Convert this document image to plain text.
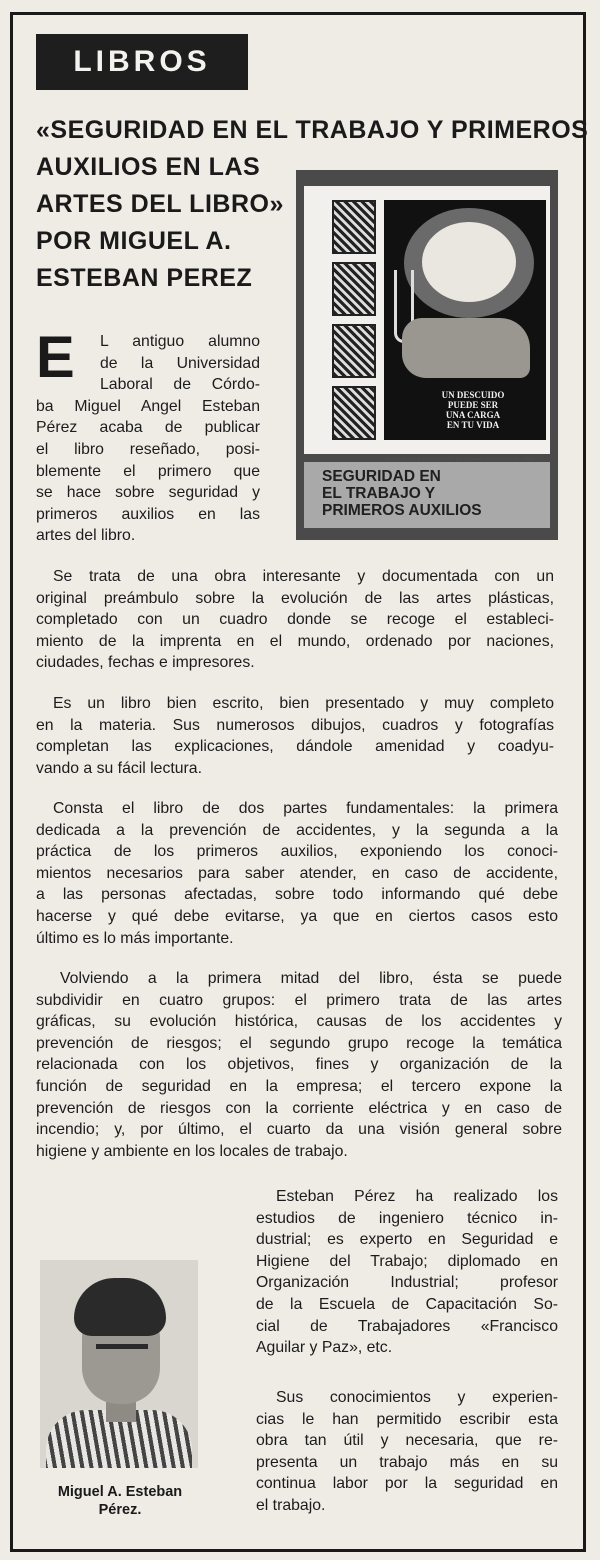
LIBROS
«SEGURIDAD EN EL TRABAJO Y PRIMEROS
AUXILIOS EN LAS
ARTES DEL LIBRO»
POR MIGUEL A.
ESTEBAN PEREZ
UN DESCUIDO
PUEDE SER
UNA CARGA
EN TU VIDA
ACTIVA NACIONAL DE ACCIDENTES DEL TRABAJO DE LAS ARTES DEL LIBRO
SEGURIDAD EN
EL TRABAJO Y
PRIMEROS AUXILIOS
E	L antiguo alumno
de la Universidad
Laboral de Córdo-
ba Miguel Angel Esteban
Pérez acaba de publicar
el libro reseñado, posi-
blemente el primero que
se hace sobre seguridad y
primeros auxilios en las
artes del libro.
Se trata de una obra interesante y documentada con un
original preámbulo sobre la evolución de las artes plásticas,
completado con un cuadro donde se recoge el estableci-
miento de la imprenta en el mundo, ordenado por naciones,
ciudades, fechas e impresores.
Es un libro bien escrito, bien presentado y muy completo
en la materia. Sus numerosos dibujos, cuadros y fotografías
completan las explicaciones, dándole amenidad y coadyu-
vando a su fácil lectura.
Consta el libro de dos partes fundamentales: la primera
dedicada a la prevención de accidentes, y la segunda a la
práctica de los primeros auxilios, exponiendo los conoci-
mientos necesarios para saber atender, en caso de accidente,
a las personas afectadas, sobre todo informando qué debe
hacerse y qué debe evitarse, ya que en ciertos casos esto
último es lo más importante.
Volviendo a la primera mitad del libro, ésta se puede
subdividir en cuatro grupos: el primero trata de las artes
gráficas, su evolución histórica, causas de los accidentes y
prevención de riesgos; el segundo grupo recoge la temática
relacionada con los objetivos, fines y organización de la
función de seguridad en la empresa; el tercero expone la
prevención de riesgos con la corriente eléctrica y en caso de
incendio; y, por último, el cuarto da una visión general sobre
higiene y ambiente en los locales de trabajo.
Esteban Pérez ha realizado los
estudios de ingeniero técnico in-
dustrial; es experto en Seguridad e
Higiene del Trabajo; diplomado en
Organización Industrial; profesor
de la Escuela de Capacitación So-
cial de Trabajadores «Francisco
Aguilar y Paz», etc.
Sus conocimientos y experien-
cias le han permitido escribir esta
obra tan útil y necesaria, que re-
presenta un trabajo más en su
continua labor por la seguridad en
el trabajo.
Miguel A. Esteban
Pérez.
